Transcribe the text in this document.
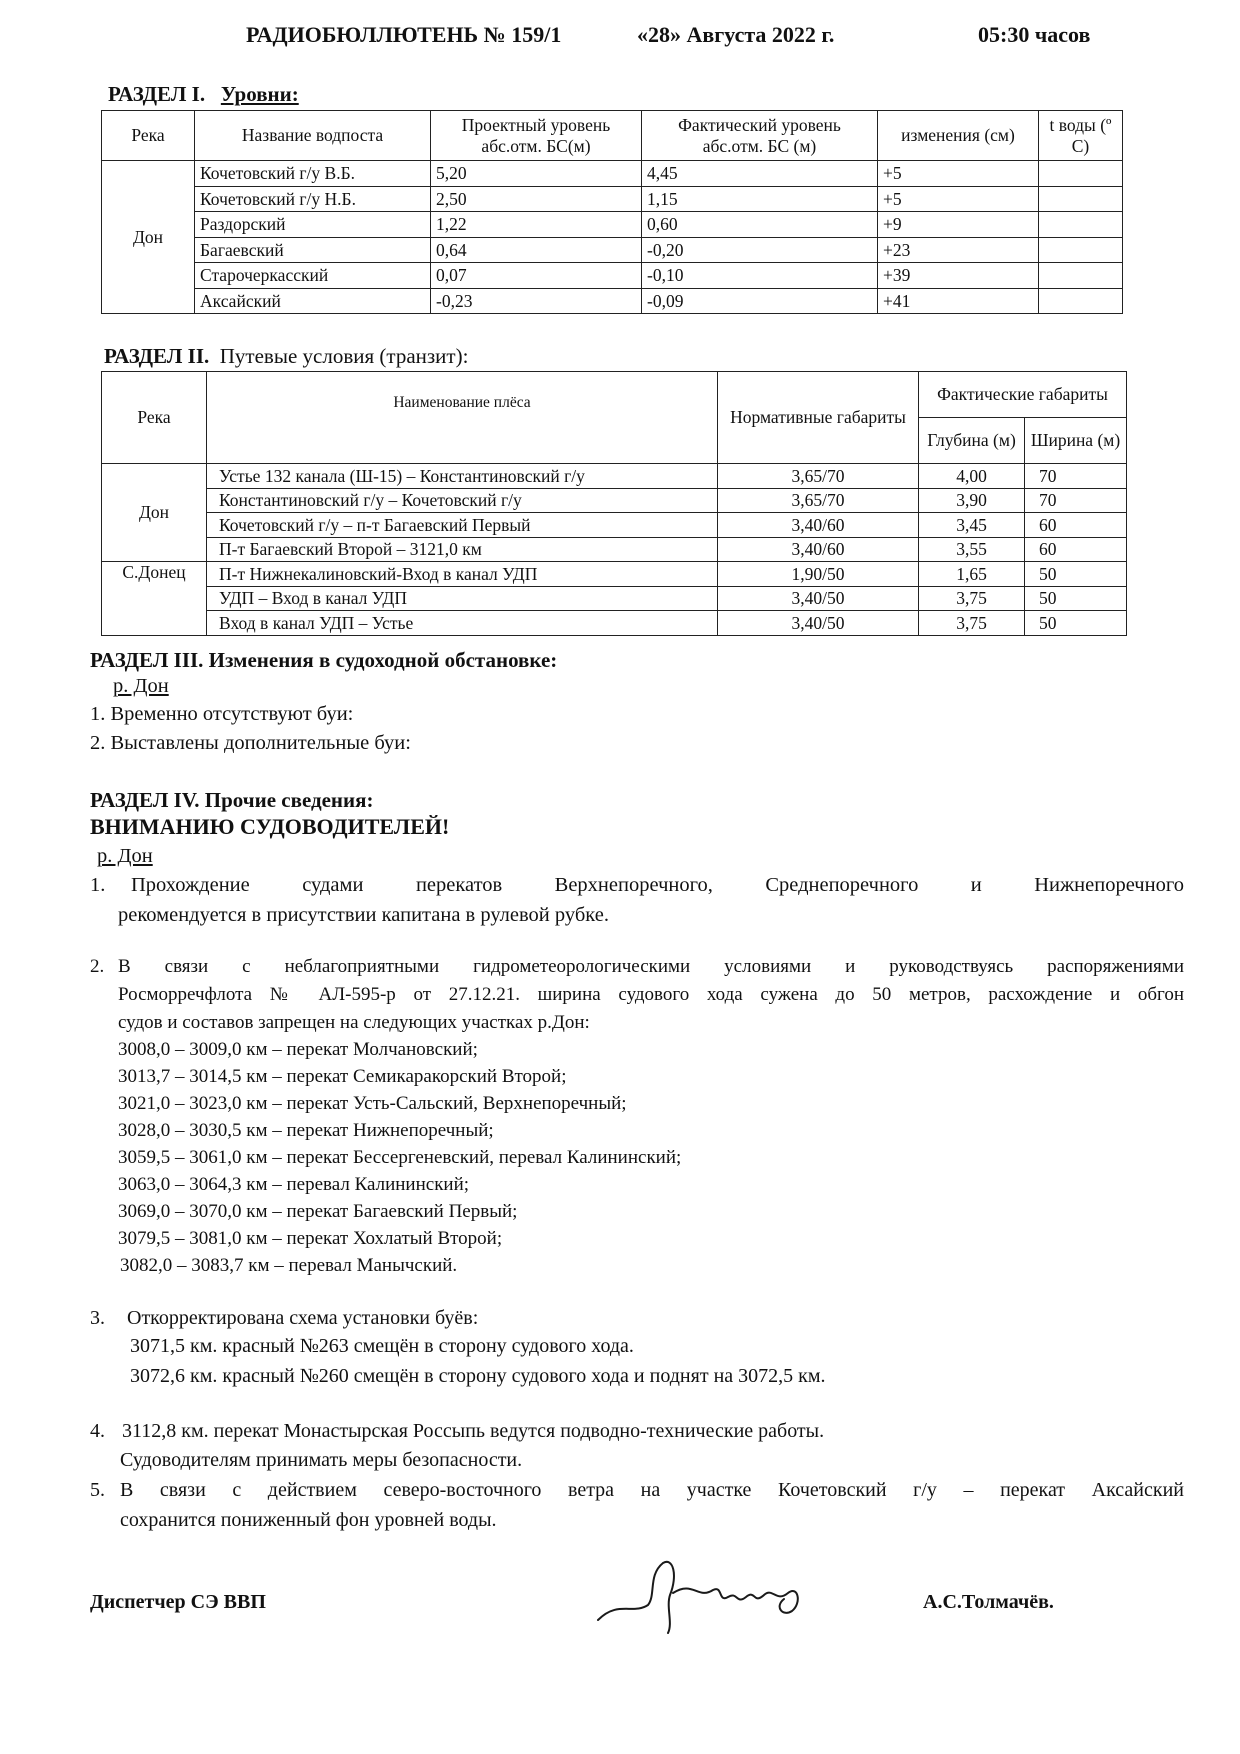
РАДИОБЮЛЛЮТЕНЬ № 159/1	«28» Августа 2022 г.	05:30 часов
РАЗДЕЛ I. Уровни:
Река	Название водпоста	Проектный уровень абс.отм. БС(м)	Фактический уровень абс.отм. БС (м)	изменения (см)	t воды (º С)
Дон	Кочетовский г/у В.Б.	5,20	4,45	+5	
	Кочетовский г/у Н.Б.	2,50	1,15	+5	
	Раздорский	1,22	0,60	+9	
	Багаевский	0,64	-0,20	+23	
	Старочеркасский	0,07	-0,10	+39	
	Аксайский	-0,23	-0,09	+41	
РАЗДЕЛ II. Путевые условия (транзит):
Река	Наименование плёса	Нормативные габариты	Фактические габариты	
			Глубина (м)	Ширина (м)
Дон	Устье 132 канала (Ш-15) – Константиновский г/у	3,65/70	4,00	70
	Константиновский г/у – Кочетовский г/у	3,65/70	3,90	70
	Кочетовский г/у – п-т Багаевский Первый	3,40/60	3,45	60
	П-т Багаевский Второй – 3121,0 км	3,40/60	3,55	60
С.Донец	П-т Нижнекалиновский-Вход в канал УДП	1,90/50	1,65	50
	УДП – Вход в канал УДП	3,40/50	3,75	50
	Вход в канал УДП – Устье	3,40/50	3,75	50
РАЗДЕЛ III. Изменения в судоходной обстановке:
р. Дон
1. Временно отсутствуют буи:
2. Выставлены дополнительные буи:
РАЗДЕЛ IV. Прочие сведения:
ВНИМАНИЮ СУДОВОДИТЕЛЕЙ!
р. Дон
1. Прохождение судами перекатов Верхнепоречного, Среднепоречного и Нижнепоречного
рекомендуется в присутствии капитана в рулевой рубке.
2. В связи с неблагоприятными гидрометеорологическими условиями и руководствуясь распоряжениями
Росморречфлота № АЛ-595-р от 27.12.21. ширина судового хода сужена до 50 метров, расхождение и обгон
судов и составов запрещен на следующих участках р.Дон:
3008,0 – 3009,0 км – перекат Молчановский;
3013,7 – 3014,5 км – перекат Семикаракорский Второй;
3021,0 – 3023,0 км – перекат Усть-Сальский, Верхнепоречный;
3028,0 – 3030,5 км – перекат Нижнепоречный;
3059,5 – 3061,0 км – перекат Бессергеневский, перевал Калининский;
3063,0 – 3064,3 км – перевал Калининский;
3069,0 – 3070,0 км – перекат Багаевский Первый;
3079,5 – 3081,0 км – перекат Хохлатый Второй;
3082,0 – 3083,7 км – перевал Манычский.
3. Откорректирована схема установки буёв:
3071,5 км. красный №263 смещён в сторону судового хода.
3072,6 км. красный №260 смещён в сторону судового хода и поднят на 3072,5 км.
4. 3112,8 км. перекат Монастырская Россыпь ведутся подводно-технические работы.
Судоводителям принимать меры безопасности.
5. В связи с действием северо-восточного ветра на участке Кочетовский г/у – перекат Аксайский
сохранится пониженный фон уровней воды.
Диспетчер СЭ ВВП	А.С.Толмачёв.
